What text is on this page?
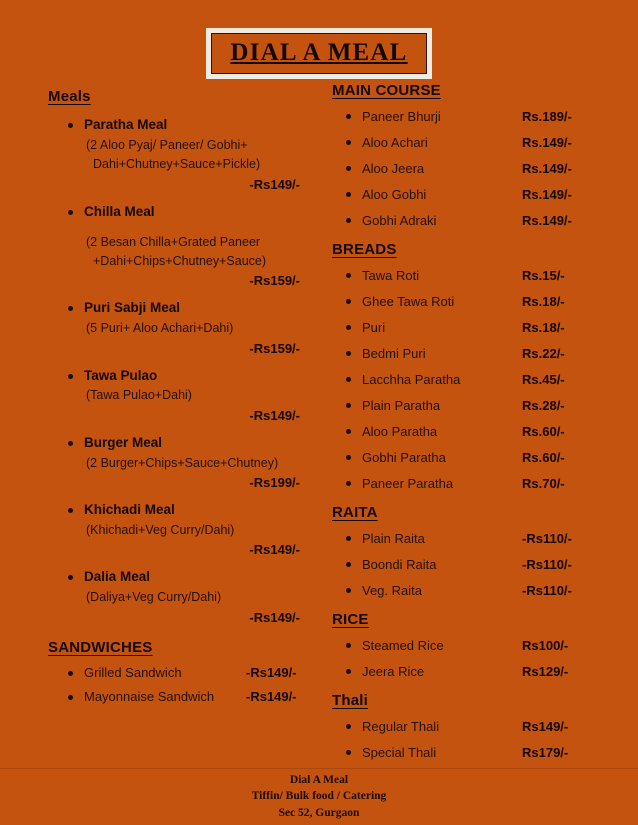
DIAL A MEAL
Meals
Paratha Meal
(2 Aloo Pyaj/ Paneer/ Gobhi+
Dahi+Chutney+Sauce+Pickle)
-Rs149/-
Chilla Meal
(2 Besan Chilla+Grated Paneer
+Dahi+Chips+Chutney+Sauce)
-Rs159/-
Puri Sabji Meal
(5 Puri+ Aloo Achari+Dahi)
-Rs159/-
Tawa Pulao
(Tawa Pulao+Dahi)
-Rs149/-
Burger Meal
(2 Burger+Chips+Sauce+Chutney)
-Rs199/-
Khichadi Meal
(Khichadi+Veg Curry/Dahi)
-Rs149/-
Dalia Meal
(Daliya+Veg Curry/Dahi)
-Rs149/-
SANDWICHES
Grilled Sandwich	-Rs149/-
Mayonnaise Sandwich -Rs149/-
MAIN COURSE
Paneer Bhurji	Rs.189/-
Aloo Achari	Rs.149/-
Aloo Jeera	Rs.149/-
Aloo Gobhi	Rs.149/-
Gobhi Adraki	Rs.149/-
BREADS
Tawa Roti	Rs.15/-
Ghee Tawa Roti	Rs.18/-
Puri	Rs.18/-
Bedmi Puri	Rs.22/-
Lacchha Paratha	Rs.45/-
Plain Paratha	Rs.28/-
Aloo Paratha	Rs.60/-
Gobhi Paratha	Rs.60/-
Paneer Paratha	Rs.70/-
RAITA
Plain Raita	-Rs110/-
Boondi Raita	-Rs110/-
Veg. Raita	-Rs110/-
RICE
Steamed Rice	Rs100/-
Jeera Rice	Rs129/-
Thali
Regular Thali	Rs149/-
Special Thali	Rs179/-
Dial A Meal
Tiffin/ Bulk food / Catering
Sec 52, Gurgaon
